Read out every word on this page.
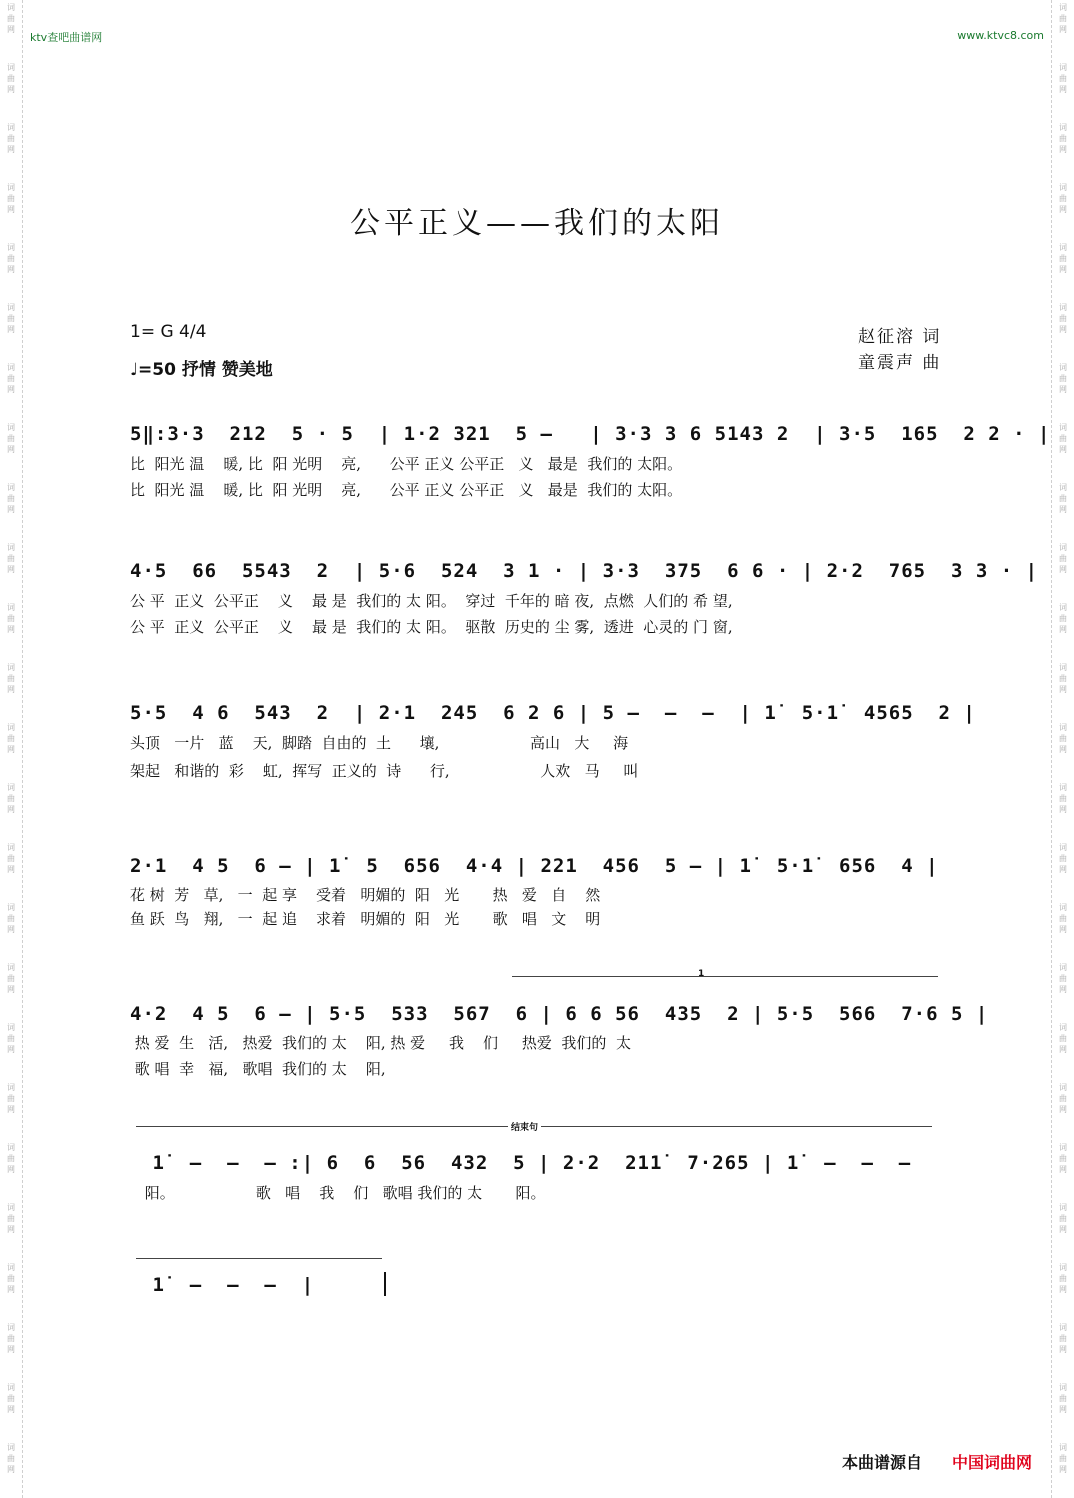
词
曲
网
词
曲
网
词
曲
网
词
曲
网
词
曲
网
词
曲
网
词
曲
网
词
曲
网
词
曲
网
词
曲
网
词
曲
网
词
曲
网
词
曲
网
词
曲
网
词
曲
网
词
曲
网
词
曲
网
词
曲
网
词
曲
网
词
曲
网
词
曲
网
词
曲
网
词
曲
网
词
曲
网
词
曲
网
词
曲
网
词
曲
网
词
曲
网
词
曲
网
词
曲
网
词
曲
网
词
曲
网
词
曲
网
词
曲
网
词
曲
网
词
曲
网
词
曲
网
词
曲
网
词
曲
网
词
曲
网
词
曲
网
词
曲
网
词
曲
网
词
曲
网
词
曲
网
词
曲
网
词
曲
网
词
曲
网
词
曲
网
词
曲
网
ktv查吧曲谱网	www.ktvc8.com
公平正义——我们的太阳
1= G 4/4
♩=50 抒情 赞美地
赵征溶 词
童震声 曲
5‖:3·3  212  5 · 5  | 1·2 321  5 —   | 3·3 3 6 5143 2  | 3·5  165  2 2 · |
比  阳光 温    暖, 比  阳 光明    亮,      公平 正义 公平正   义   最是  我们的 太阳。
比  阳光 温    暖, 比  阳 光明    亮,      公平 正义 公平正   义   最是  我们的 太阳。
4·5  66  5543  2  | 5·6  524  3 1 · | 3·3  375  6 6 · | 2·2  765  3 3 · |
公 平  正义  公平正    义    最 是  我们的 太 阳。  穿过  千年的 暗 夜,  点燃  人们的 希 望,
公 平  正义  公平正    义    最 是  我们的 太 阳。  驱散  历史的 尘 雾,  透进  心灵的 门 窗,
5·5  4 6  543  2  | 2·1  245  6 2 6 | 5 —  —  —  | 1̇  5·1̇  4565  2 |
头顶   一片   蓝    天,  脚踏  自由的  土      壤,                   高山   大     海
架起   和谐的  彩    虹,  挥写  正义的  诗      行,                   人欢   马     叫
2·1  4 5  6 — | 1̇  5  656  4·4 | 221  456  5 — | 1̇  5·1̇  656  4 |
花 树  芳   草,   一  起 享    受着   明媚的  阳   光       热   爱   自    然
鱼 跃  鸟   翔,   一  起 追    求着   明媚的  阳   光       歌   唱   文    明
1
4·2  4 5  6 — | 5·5  533  567  6 | 6 6 56  435  2 | 5·5  566  7·6 5 |
热 爱  生   活,   热爱  我们的 太    阳, 热 爱     我    们     热爱  我们的  太
歌 唱  幸   福,   歌唱  我们的 太    阳,
结束句
1̇  —  —  — :| 6  6  56  432  5 | 2·2  211̇  7·265 | 1̇  —  —  —
阳。                 歌   唱    我    们   歌唱 我们的 太       阳。
1̇  —  —  —  |
本曲谱源自 中国词曲网
